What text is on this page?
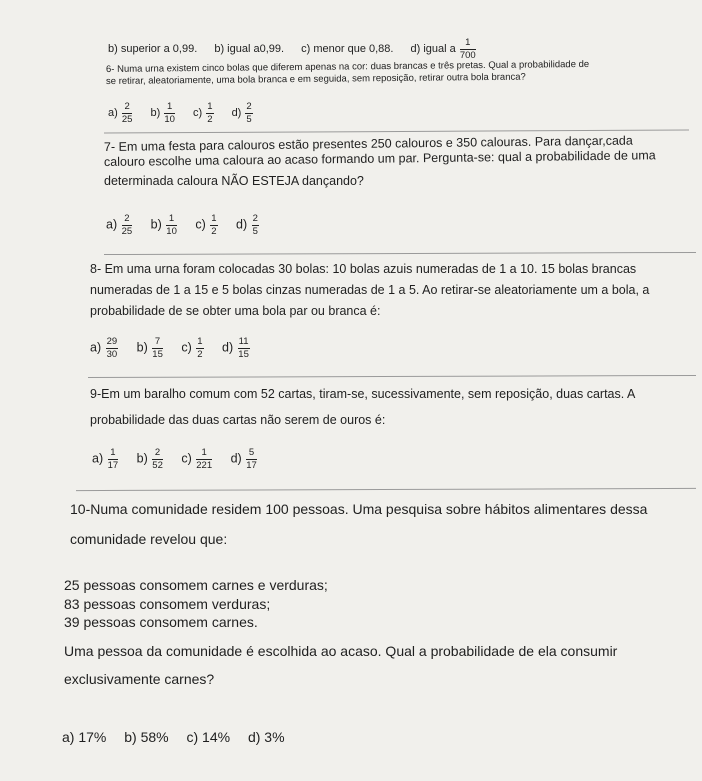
b) superior a 0,99. b) igual a0,99. c) menor que 0,88. d) igual a $\frac{1}{700}$
6- Numa urna existem cinco bolas que diferem apenas na cor: duas brancas e três pretas. Qual a probabilidade de
se retirar, aleatoriamente, uma bola branca e em seguida, sem reposição, retirar outra bola branca?
$a) \frac{2}{25} b) \frac{1}{10} c) \frac{1}{2} d) \frac{2}{5}$
7- Em uma festa para calouros estão presentes 250 calouros e 350 calouras. Para dançar,cada
calouro escolhe uma caloura ao acaso formando um par. Pergunta-se: qual a probabilidade de uma
determinada caloura NÃO ESTEJA dançando?
$a) \frac{2}{25} b) \frac{1}{10} c) \frac{1}{2} d) \frac{2}{5}$
8- Em uma urna foram colocadas 30 bolas: 10 bolas azuis numeradas de 1 a 10. 15 bolas brancas
numeradas de 1 a 15 e 5 bolas cinzas numeradas de 1 a 5. Ao retirar-se aleatoriamente um a bola, a
probabilidade de se obter uma bola par ou branca é:
$a) \frac{29}{30} b) \frac{7}{15} c) \frac{1}{2} d) \frac{11}{15}$
9-Em um baralho comum com 52 cartas, tiram-se, sucessivamente, sem reposição, duas cartas. A
probabilidade das duas cartas não serem de ouros é:
$a) \frac{1}{17} b) \frac{2}{52} c) \frac{1}{221} d) \frac{5}{17}$
10-Numa comunidade residem 100 pessoas. Uma pesquisa sobre hábitos alimentares dessa
comunidade revelou que:
25 pessoas consomem carnes e verduras;
83 pessoas consomem verduras;
39 pessoas consomem carnes.
Uma pessoa da comunidade é escolhida ao acaso. Qual a probabilidade de ela consumir
exclusivamente carnes?
a) 17% b) 58% c) 14% d) 3%
